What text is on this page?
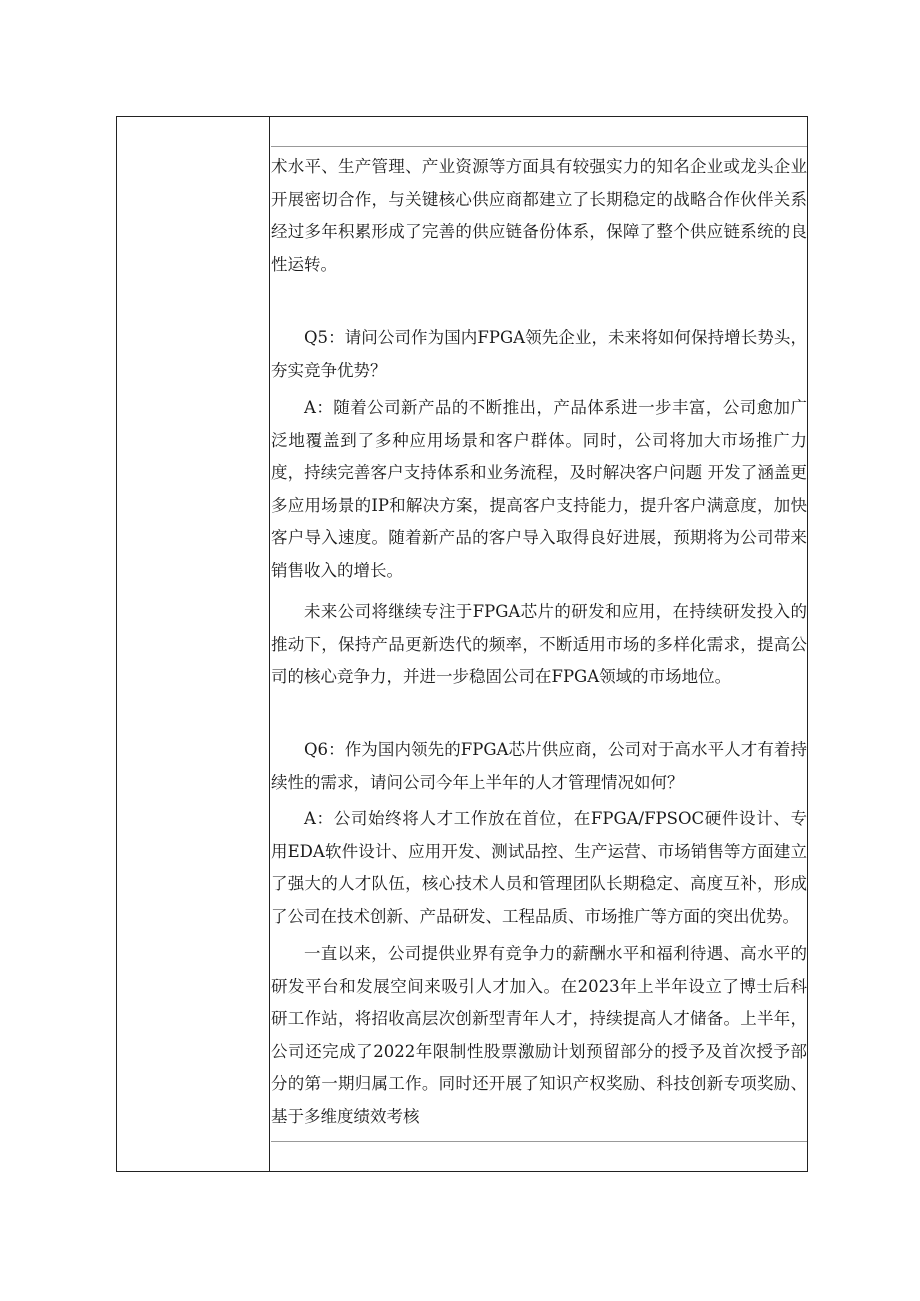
术水平、生产管理、产业资源等方面具有较强实力的知名企业或龙头企业开展密切合作，与关键核心供应商都建立了长期稳定的战略合作伙伴关系经过多年积累形成了完善的供应链备份体系，保障了整个供应链系统的良性运转。

Q5：请问公司作为国内FPGA领先企业，未来将如何保持增长势头，夯实竞争优势？

A：随着公司新产品的不断推出，产品体系进一步丰富，公司愈加广泛地覆盖到了多种应用场景和客户群体。同时，公司将加大市场推广力度，持续完善客户支持体系和业务流程，及时解决客户问题 开发了涵盖更多应用场景的IP和解决方案，提高客户支持能力，提升客户满意度，加快客户导入速度。随着新产品的客户导入取得良好进展，预期将为公司带来销售收入的增长。

未来公司将继续专注于FPGA芯片的研发和应用，在持续研发投入的推动下，保持产品更新迭代的频率，不断适用市场的多样化需求，提高公司的核心竞争力，并进一步稳固公司在FPGA领域的市场地位。

Q6：作为国内领先的FPGA芯片供应商，公司对于高水平人才有着持续性的需求，请问公司今年上半年的人才管理情况如何？

A：公司始终将人才工作放在首位，在FPGA/FPSOC硬件设计、专用EDA软件设计、应用开发、测试品控、生产运营、市场销售等方面建立了强大的人才队伍，核心技术人员和管理团队长期稳定、高度互补，形成了公司在技术创新、产品研发、工程品质、市场推广等方面的突出优势。

一直以来，公司提供业界有竞争力的薪酬水平和福利待遇、高水平的研发平台和发展空间来吸引人才加入。在2023年上半年设立了博士后科研工作站，将招收高层次创新型青年人才，持续提高人才储备。上半年，公司还完成了2022年限制性股票激励计划预留部分的授予及首次授予部分的第一期归属工作。同时还开展了知识产权奖励、科技创新专项奖励、基于多维度绩效考核
